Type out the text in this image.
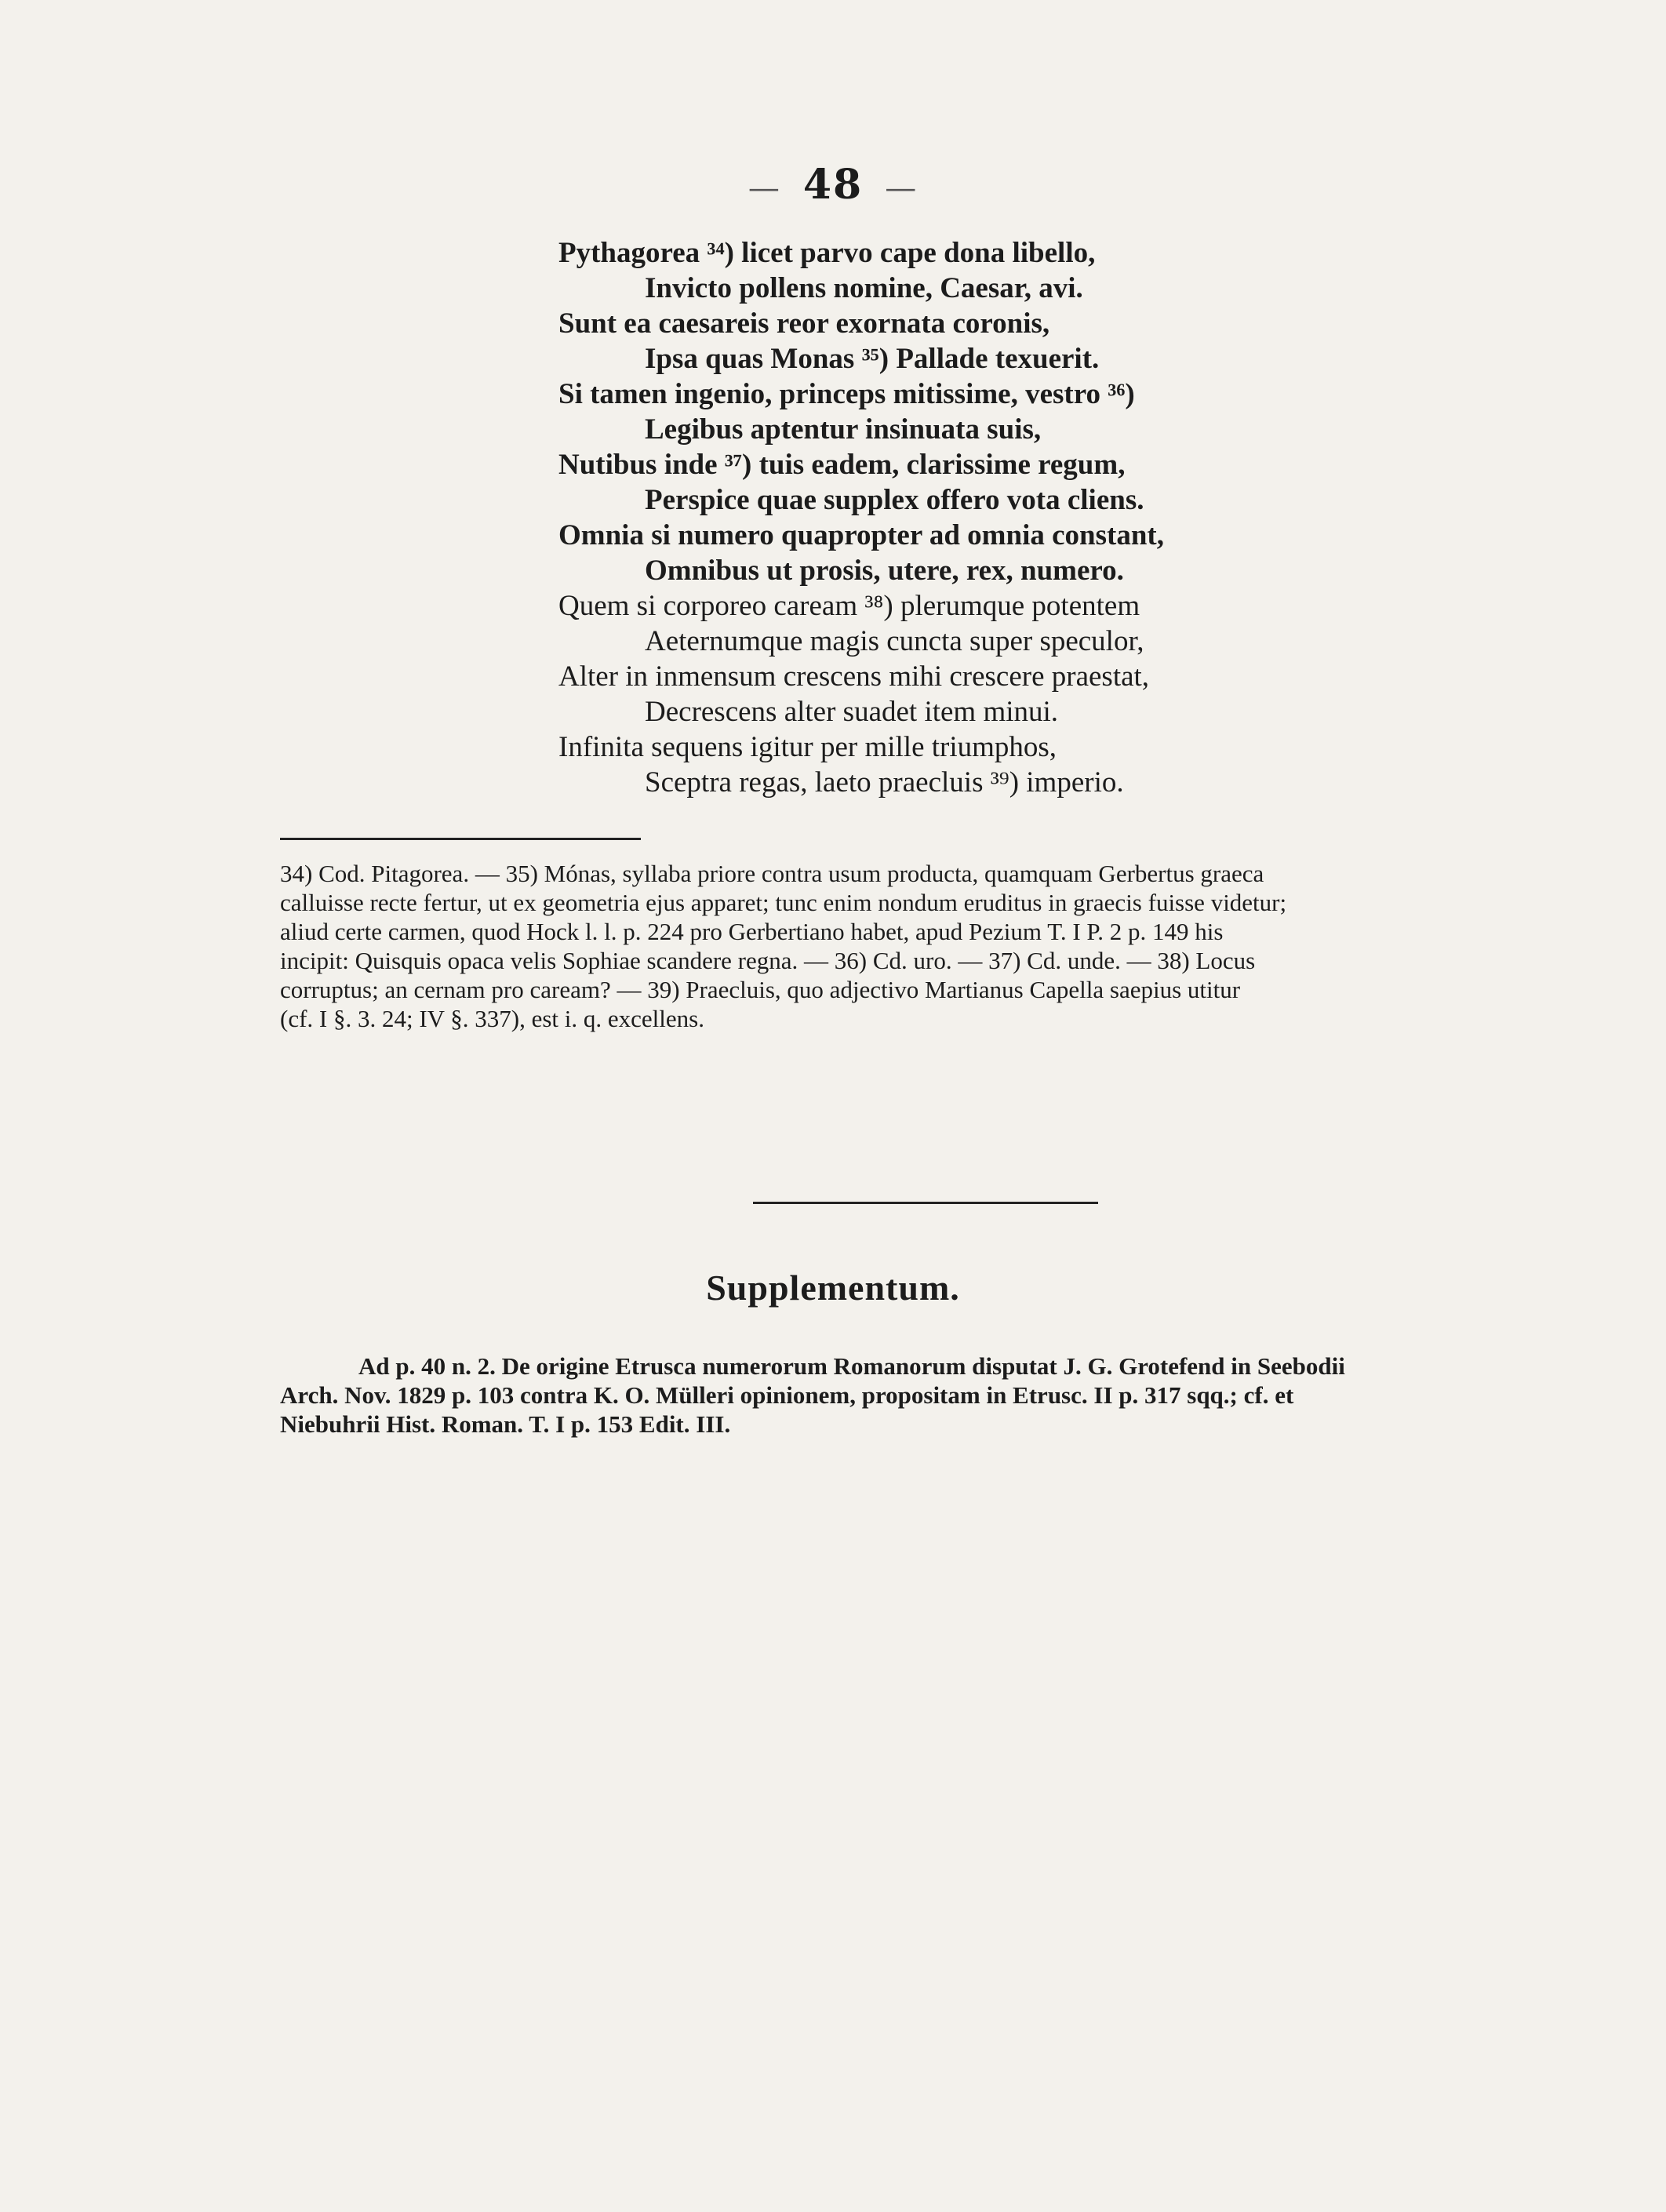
— 48 —
Pythagorea ³⁴) licet parvo cape dona libello,
Invicto pollens nomine, Caesar, avi.
Sunt ea caesareis reor exornata coronis,
Ipsa quas Monas ³⁵) Pallade texuerit.
Si tamen ingenio, princeps mitissime, vestro ³⁶)
Legibus aptentur insinuata suis,
Nutibus inde ³⁷) tuis eadem, clarissime regum,
Perspice quae supplex offero vota cliens.
Omnia si numero quapropter ad omnia constant,
Omnibus ut prosis, utere, rex, numero.
Quem si corporeo caream ³⁸) plerumque potentem
Aeternumque magis cuncta super speculor,
Alter in inmensum crescens mihi crescere praestat,
Decrescens alter suadet item minui.
Infinita sequens igitur per mille triumphos,
Sceptra regas, laeto praecluis ³⁹) imperio.
34) Cod. Pitagorea. — 35) Mónas, syllaba priore contra usum producta, quamquam Gerbertus graeca
calluisse recte fertur, ut ex geometria ejus apparet; tunc enim nondum eruditus in graecis fuisse videtur;
aliud certe carmen, quod Hock l. l. p. 224 pro Gerbertiano habet, apud Pezium T. I P. 2 p. 149 his
incipit: Quisquis opaca velis Sophiae scandere regna. — 36) Cd. uro. — 37) Cd. unde. — 38) Locus
corruptus; an cernam pro caream? — 39) Praecluis, quo adjectivo Martianus Capella saepius utitur
(cf. I §. 3. 24; IV §. 337), est i. q. excellens.
Supplementum.
Ad p. 40 n. 2. De origine Etrusca numerorum Romanorum disputat J. G. Grotefend in Seebodii
Arch. Nov. 1829 p. 103 contra K. O. Mülleri opinionem, propositam in Etrusc. II p. 317 sqq.; cf. et
Niebuhrii Hist. Roman. T. I p. 153 Edit. III.
